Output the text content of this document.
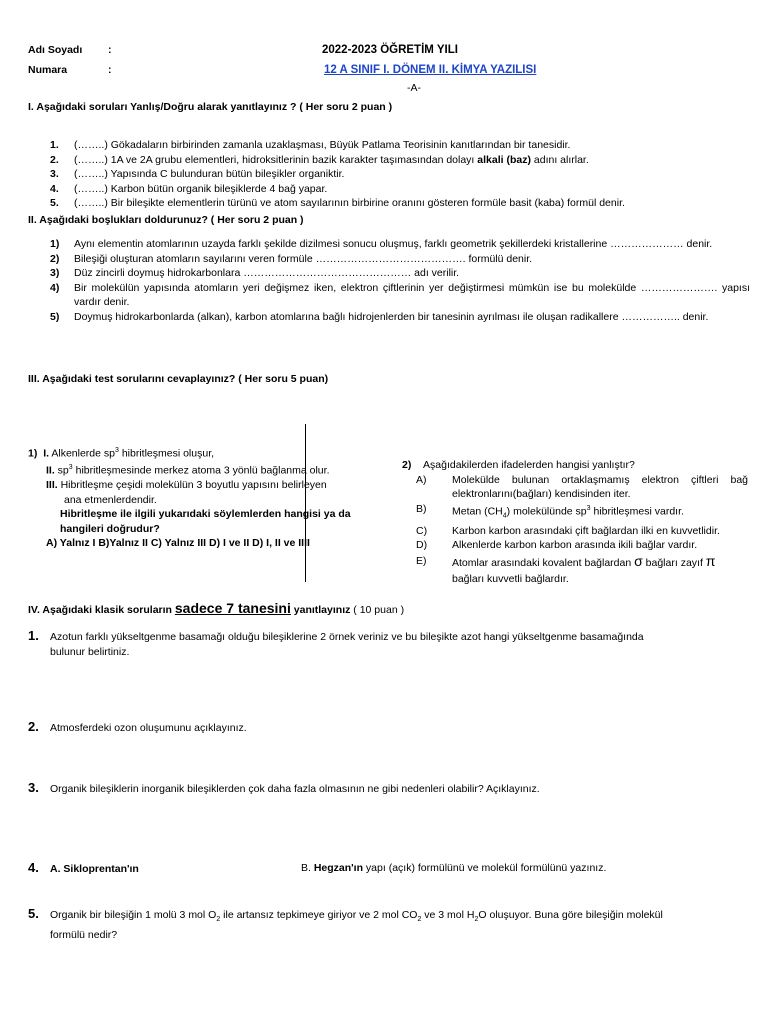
Adı Soyadı :
Numara	:
2022-2023 ÖĞRETİM YILI
12 A SINIF I. DÖNEM II. KİMYA YAZILISI
-A-
I. Aşağıdaki soruları Yanlış/Doğru alarak yanıtlayınız ? ( Her soru 2 puan )
1.	(……..) Gökadaların birbirinden zamanla uzaklaşması, Büyük Patlama Teorisinin kanıtlarından bir tanesidir.
2.	(……..) 1A ve 2A grubu elementleri, hidroksitlerinin bazik karakter taşımasından dolayı alkali (baz) adını alırlar.
3.	(……..) Yapısında C bulunduran bütün bileşikler organiktir.
4.	(……..) Karbon bütün organik bileşiklerde 4 bağ yapar.
5.	(……..) Bir bileşikte elementlerin türünü ve atom sayılarının birbirine oranını gösteren formüle basit (kaba) formül denir.
II. Aşağıdaki boşlukları doldurunuz? ( Her soru 2 puan )
1)	Aynı elementin atomlarının uzayda farklı şekilde dizilmesi sonucu oluşmuş, farklı geometrik şekillerdeki kristallerine ………………… denir.
2)	Bileşiği oluşturan atomların sayılarını veren formüle ……………………………………. formülü denir.
3)	Düz zincirli doymuş hidrokarbonlara ………………………………………… adı verilir.
4)	Bir molekülün yapısında atomların yeri değişmez iken, elektron çiftlerinin yer değiştirmesi mümkün ise bu molekülde …………………. yapısı vardır denir.
5)	Doymuş hidrokarbonlarda (alkan), karbon atomlarına bağlı hidrojenlerden bir tanesinin ayrılması ile oluşan radikallere …………….. denir.
III. Aşağıdaki test sorularını cevaplayınız? ( Her soru 5 puan)
1) I. Alkenlerde $sp^3$ hibritleşmesi oluşur,
II. $sp^3$ hibritleşmesinde merkez atoma 3 yönlü bağlanma olur.
III. Hibritleşme çeşidi molekülün 3 boyutlu yapısını belirleyen
ana etmenlerdendir.
Hibritleşme ile ilgili yukarıdaki söylemlerden hangisi ya da
hangileri doğrudur?
A) Yalnız I B)Yalnız II C) Yalnız III D) I ve II D) I, II ve IIII
2) Aşağıdakilerden ifadelerden hangisi yanlıştır?
A)	Molekülde bulunan ortaklaşmamış elektron çiftleri bağ
elektronlarını(bağları) kendisinden iter.
B)	Metan $(CH_4)$ molekülünde $sp^3$ hibritleşmesi vardır.
C)	Karbon karbon arasındaki çift bağlardan ilki en kuvvetlidir.
D)	Alkenlerde karbon karbon arasında ikili bağlar vardır.
E)	Atomlar arasındaki kovalent bağlardan σ bağları zayıf π
bağları kuvvetli bağlardır.
IV. Aşağıdaki klasik soruların sadece 7 tanesini yanıtlayınız ( 10 puan )
1. Azotun farklı yükseltgenme basamağı olduğu bileşiklerine 2 örnek veriniz ve bu bileşikte azot hangi yükseltgenme basamağında
bulunur belirtiniz.
2. Atmosferdeki ozon oluşumunu açıklayınız.
3. Organik bileşiklerin inorganik bileşiklerden çok daha fazla olmasının ne gibi nedenleri olabilir? Açıklayınız.
4. A. Sikloprentan'ın	B. Hegzan'ın yapı (açık) formülünü ve molekül formülünü yazınız.
5. Organik bir bileşiğin 1 molü 3 mol $O_2$ ile artansız tepkimeye giriyor ve 2 mol $CO_2$ ve 3 mol $H_2O$ oluşuyor. Buna göre bileşiğin molekül
formülü nedir?
